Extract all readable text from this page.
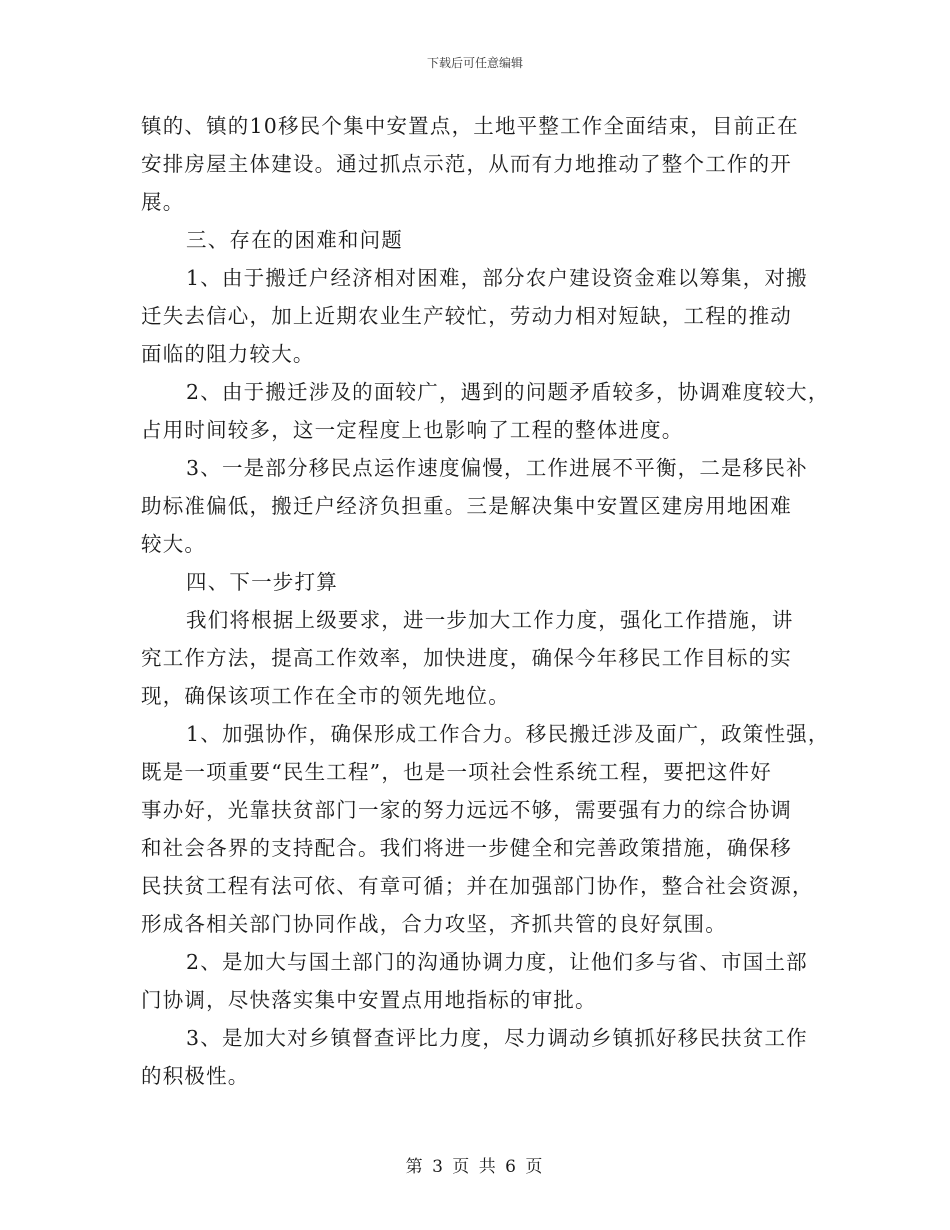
下载后可任意编辑
镇的、镇的10移民个集中安置点，土地平整工作全面结束，目前正在
安排房屋主体建设。通过抓点示范，从而有力地推动了整个工作的开
展。
三、存在的困难和问题
1、由于搬迁户经济相对困难，部分农户建设资金难以筹集，对搬
迁失去信心，加上近期农业生产较忙，劳动力相对短缺，工程的推动
面临的阻力较大。
2、由于搬迁涉及的面较广，遇到的问题矛盾较多，协调难度较大，
占用时间较多，这一定程度上也影响了工程的整体进度。
3、一是部分移民点运作速度偏慢，工作进展不平衡，二是移民补
助标准偏低，搬迁户经济负担重。三是解决集中安置区建房用地困难
较大。
四、下一步打算
我们将根据上级要求，进一步加大工作力度，强化工作措施，讲
究工作方法，提高工作效率，加快进度，确保今年移民工作目标的实
现，确保该项工作在全市的领先地位。
1、加强协作，确保形成工作合力。移民搬迁涉及面广，政策性强，
既是一项重要“民生工程”，也是一项社会性系统工程，要把这件好
事办好，光靠扶贫部门一家的努力远远不够，需要强有力的综合协调
和社会各界的支持配合。我们将进一步健全和完善政策措施，确保移
民扶贫工程有法可依、有章可循；并在加强部门协作，整合社会资源，
形成各相关部门协同作战，合力攻坚，齐抓共管的良好氛围。
2、是加大与国土部门的沟通协调力度，让他们多与省、市国土部
门协调，尽快落实集中安置点用地指标的审批。
3、是加大对乡镇督查评比力度，尽力调动乡镇抓好移民扶贫工作
的积极性。
第 3 页 共 6 页
